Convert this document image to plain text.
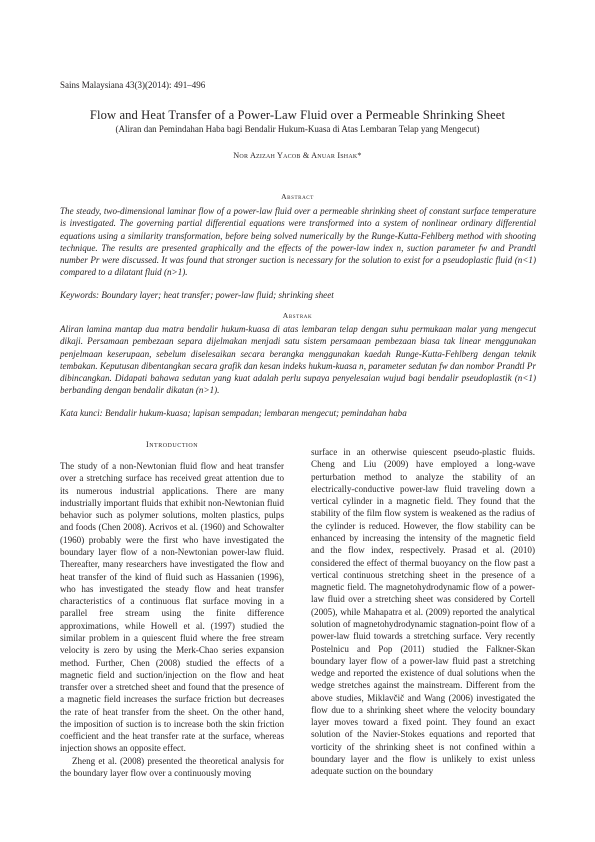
Sains Malaysiana 43(3)(2014): 491–496
Flow and Heat Transfer of a Power-Law Fluid over a Permeable Shrinking Sheet
(Aliran dan Pemindahan Haba bagi Bendalir Hukum-Kuasa di Atas Lembaran Telap yang Mengecut)
Nor Azizah Yacob & Anuar Ishak*
Abstract

The steady, two-dimensional laminar flow of a power-law fluid over a permeable shrinking sheet of constant surface temperature is investigated. The governing partial differential equations were transformed into a system of nonlinear ordinary differential equations using a similarity transformation, before being solved numerically by the Runge-Kutta-Fehlberg method with shooting technique. The results are presented graphically and the effects of the power-law index n, suction parameter fw and Prandtl number Pr were discussed. It was found that stronger suction is necessary for the solution to exist for a pseudoplastic fluid (n<1) compared to a dilatant fluid (n>1).

Keywords: Boundary layer; heat transfer; power-law fluid; shrinking sheet

Abstrak

Aliran lamina mantap dua matra bendalir hukum-kuasa di atas lembaran telap dengan suhu permukaan malar yang mengecut dikaji. Persamaan pembezaan separa dijelmakan menjadi satu sistem persamaan pembezaan biasa tak linear menggunakan penjelmaan keserupaan, sebelum diselesaikan secara berangka menggunakan kaedah Runge-Kutta-Fehlberg dengan teknik tembakan. Keputusan dibentangkan secara grafik dan kesan indeks hukum-kuasa n, parameter sedutan fw dan nombor Prandtl Pr dibincangkan. Didapati bahawa sedutan yang kuat adalah perlu supaya penyelesaian wujud bagi bendalir pseudoplastik (n<1) berbanding dengan bendalir dikatan (n>1).

Kata kunci: Bendalir hukum-kuasa; lapisan sempadan; lembaran mengecut; pemindahan haba

Introduction

The study of a non-Newtonian fluid flow and heat transfer over a stretching surface has received great attention due to its numerous industrial applications. There are many industrially important fluids that exhibit non-Newtonian fluid behavior such as polymer solutions, molten plastics, pulps and foods (Chen 2008). Acrivos et al. (1960) and Schowalter (1960) probably were the first who have investigated the boundary layer flow of a non-Newtonian power-law fluid. Thereafter, many researchers have investigated the flow and heat transfer of the kind of fluid such as Hassanien (1996), who has investigated the steady flow and heat transfer characteristics of a continuous flat surface moving in a parallel free stream using the finite difference approximations, while Howell et al. (1997) studied the similar problem in a quiescent fluid where the free stream velocity is zero by using the Merk-Chao series expansion method. Further, Chen (2008) studied the effects of a magnetic field and suction/injection on the flow and heat transfer over a stretched sheet and found that the presence of a magnetic field increases the surface friction but decreases the rate of heat transfer from the sheet. On the other hand, the imposition of suction is to increase both the skin friction coefficient and the heat transfer rate at the surface, whereas injection shows an opposite effect.

Zheng et al. (2008) presented the theoretical analysis for the boundary layer flow over a continuously moving

surface in an otherwise quiescent pseudo-plastic fluids. Cheng and Liu (2009) have employed a long-wave perturbation method to analyze the stability of an electrically-conductive power-law fluid traveling down a vertical cylinder in a magnetic field. They found that the stability of the film flow system is weakened as the radius of the cylinder is reduced. However, the flow stability can be enhanced by increasing the intensity of the magnetic field and the flow index, respectively. Prasad et al. (2010) considered the effect of thermal buoyancy on the flow past a vertical continuous stretching sheet in the presence of a magnetic field. The magnetohydrodynamic flow of a power-law fluid over a stretching sheet was considered by Cortell (2005), while Mahapatra et al. (2009) reported the analytical solution of magnetohydrodynamic stagnation-point flow of a power-law fluid towards a stretching surface. Very recently Postelnicu and Pop (2011) studied the Falkner-Skan boundary layer flow of a power-law fluid past a stretching wedge and reported the existence of dual solutions when the wedge stretches against the mainstream. Different from the above studies, Miklavčič and Wang (2006) investigated the flow due to a shrinking sheet where the velocity boundary layer moves toward a fixed point. They found an exact solution of the Navier-Stokes equations and reported that vorticity of the shrinking sheet is not confined within a boundary layer and the flow is unlikely to exist unless adequate suction on the boundary
